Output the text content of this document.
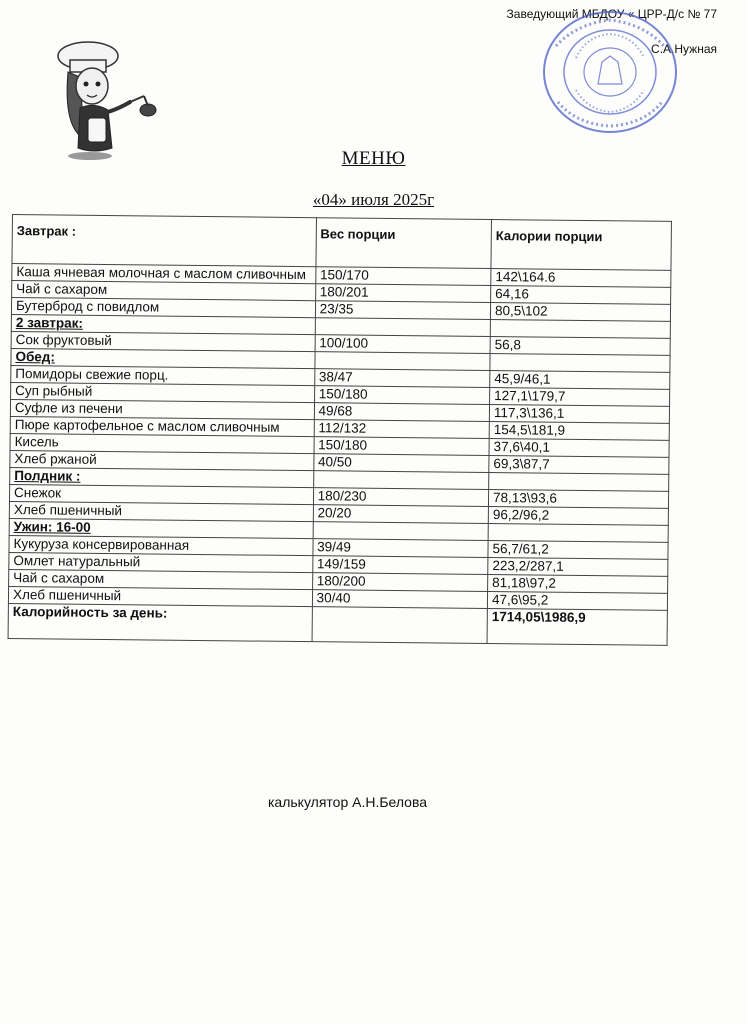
Заведующий МБДОУ « ЦРР-Д/с № 77
С.А.Нужная
МЕНЮ
«04» июля 2025г
Завтрак :	Вес порции	Калории порции
Каша ячневая молочная с маслом сливочным	150/170	142\164.6
Чай с сахаром	180/201	64,16
Бутерброд с повидлом	23/35	80,5\102
2 завтрак:		
Сок фруктовый	100/100	56,8
Обед:		
Помидоры свежие порц.	38/47	45,9/46,1
Суп рыбный	150/180	127,1\179,7
Суфле из печени	49/68	117,3\136,1
Пюре картофельное с маслом сливочным	112/132	154,5\181,9
Кисель	150/180	37,6\40,1
Хлеб ржаной	40/50	69,3\87,7
Полдник :		
Снежок	180/230	78,13\93,6
Хлеб пшеничный	20/20	96,2/96,2
Ужин: 16-00		
Кукуруза консервированная	39/49	56,7/61,2
Омлет натуральный	149/159	223,2/287,1
Чай с сахаром	180/200	81,18\97,2
Хлеб пшеничный	30/40	47,6\95,2
Калорийность за день:		1714,05\1986,9
калькулятор А.Н.Белова
